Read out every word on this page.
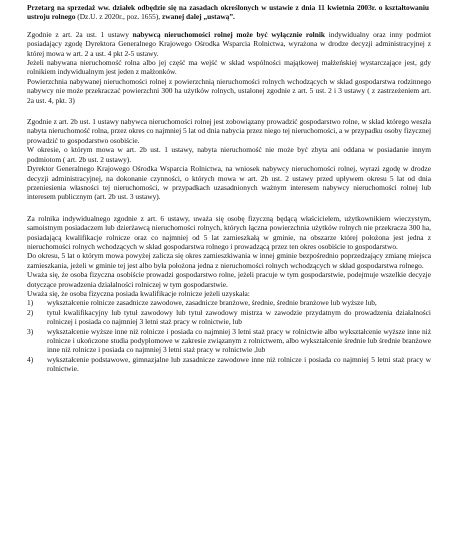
Przetarg na sprzedaż ww. działek odbędzie się na zasadach określonych w ustawie z dnia 11 kwietnia 2003r. o kształtowaniu ustroju rolnego (Dz.U. z 2020r., poz. 1655), zwanej dalej „ustawą”.

Zgodnie z art. 2a ust. 1 ustawy nabywcą nieruchomości rolnej może być wyłącznie rolnik indywidualny oraz inny podmiot posiadający zgodę Dyrektora Generalnego Krajowego Ośrodka Wsparcia Rolnictwa, wyrażona w drodze decyzji administracyjnej z której mowa w art. 2 a ust. 4 pkt 2-5 ustawy.

Jeżeli nabywana nieruchomość rolna albo jej część ma wejść w skład wspólności majątkowej małżeńskiej wystarczające jest, gdy rolnikiem indywidualnym jest jeden z małżonków.

Powierzchnia nabywanej nieruchomości rolnej z powierzchnią nieruchomości rolnych wchodzących w skład gospodarstwa rodzinnego nabywcy nie może przekraczać powierzchni 300 ha użytków rolnych, ustalonej zgodnie z art. 5 ust. 2 i 3 ustawy ( z zastrzeżeniem art. 2a ust. 4, pkt. 3)

Zgodnie z art. 2b ust. 1 ustawy nabywca nieruchomości rolnej jest zobowiązany prowadzić gospodarstwo rolne, w skład którego weszła nabyta nieruchomość rolna, przez okres co najmniej 5 lat od dnia nabycia przez niego tej nieruchomości, a w przypadku osoby fizycznej prowadzić to gospodarstwo osobiście.

W okresie, o którym mowa w art. 2b ust. 1 ustawy, nabyta nieruchomość nie może być zbyta ani oddana w posiadanie innym podmiotom ( art. 2b ust. 2 ustawy).

Dyrektor Generalnego Krajowego Ośrodka Wsparcia Rolnictwa, na wniosek nabywcy nieruchomości rolnej, wyrazi zgodę w drodze decyzji administracyjnej, na dokonanie czynności, o których mowa w art. 2b ust. 2 ustawy przed upływem okresu 5 lat od dnia przeniesienia własności tej nieruchomości, w przypadkach uzasadnionych ważnym interesem nabywcy nieruchomości rolnej lub interesem publicznym (art. 2b ust. 3 ustawy).

Za rolnika indywidualnego zgodnie z art. 6 ustawy, uważa się osobę fizyczną będącą właścicielem, użytkownikiem wieczystym, samoistnym posiadaczem lub dzierżawcą nieruchomości rolnych, których łączna powierzchnia użytków rolnych nie przekracza 300 ha, posiadającą kwalifikacje rolnicze oraz co najmniej od 5 lat zamieszkałą w gminie, na obszarze której położona jest jedna z nieruchomości rolnych wchodzących w skład gospodarstwa rolnego i prowadzącą przez ten okres osobiście to gospodarstwo.

Do okresu, 5 lat o którym mowa powyżej zalicza się okres zamieszkiwania w innej gminie bezpośrednio poprzedzający zmianę miejsca zamieszkania, jeżeli w gminie tej jest albo była położona jedna z nieruchomości rolnych wchodzących w skład gospodarstwa rolnego.

Uważa się, że osoba fizyczna osobiście prowadzi gospodarstwo rolne, jeżeli pracuje w tym gospodarstwie, podejmuje wszelkie decyzje dotyczące prowadzenia działalności rolniczej w tym gospodarstwie.

Uważa się, że osoba fizyczna posiada kwalifikacje rolnicze jeżeli uzyskała:

1)	wykształcenie rolnicze zasadnicze zawodowe, zasadnicze branżowe, średnie, średnie branżowe lub wyższe lub,
2)	tytuł kwalifikacyjny lub tytuł zawodowy lub tytuł zawodowy mistrza w zawodzie przydatnym do prowadzenia działalności rolniczej i posiada co najmniej 3 letni staż pracy w rolnictwie, lub
3)	wykształcenie wyższe inne niż rolnicze i posiada co najmniej 3 letni staż pracy w rolnictwie albo wykształcenie wyższe inne niż rolnicze i ukończone studia podyplomowe w zakresie związanym z rolnictwem, albo wykształcenie średnie lub średnie branżowe inne niż rolnicze i posiada co najmniej 3 letni staż pracy w rolnictwie ,lub
4)	wykształcenie podstawowe, gimnazjalne lub zasadnicze zawodowe inne niż rolnicze i posiada co najmniej 5 letni staż pracy w rolnictwie.
